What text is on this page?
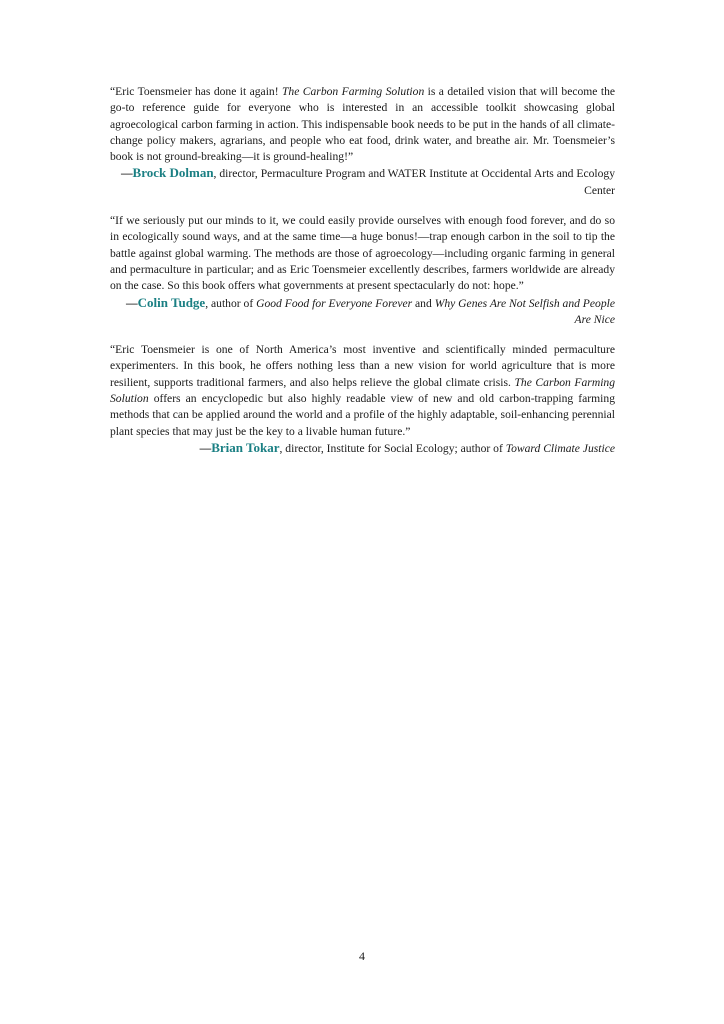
“Eric Toensmeier has done it again! The Carbon Farming Solution is a detailed vision that will become the go-to reference guide for everyone who is interested in an accessible toolkit showcasing global agroecological carbon farming in action. This indispensable book needs to be put in the hands of all climate-change policy makers, agrarians, and people who eat food, drink water, and breathe air. Mr. Toensmeier’s book is not ground-breaking—it is ground-healing!”

—Brock Dolman, director, Permaculture Program and WATER Institute at Occidental Arts and Ecology Center

“If we seriously put our minds to it, we could easily provide ourselves with enough food forever, and do so in ecologically sound ways, and at the same time—a huge bonus!—trap enough carbon in the soil to tip the battle against global warming. The methods are those of agroecology—including organic farming in general and permaculture in particular; and as Eric Toensmeier excellently describes, farmers worldwide are already on the case. So this book offers what governments at present spectacularly do not: hope.”

—Colin Tudge, author of Good Food for Everyone Forever and Why Genes Are Not Selfish and People Are Nice

“Eric Toensmeier is one of North America’s most inventive and scientifically minded permaculture experimenters. In this book, he offers nothing less than a new vision for world agriculture that is more resilient, supports traditional farmers, and also helps relieve the global climate crisis. The Carbon Farming Solution offers an encyclopedic but also highly readable view of new and old carbon-trapping farming methods that can be applied around the world and a profile of the highly adaptable, soil-enhancing perennial plant species that may just be the key to a livable human future.”

—Brian Tokar, director, Institute for Social Ecology; author of Toward Climate Justice

4
